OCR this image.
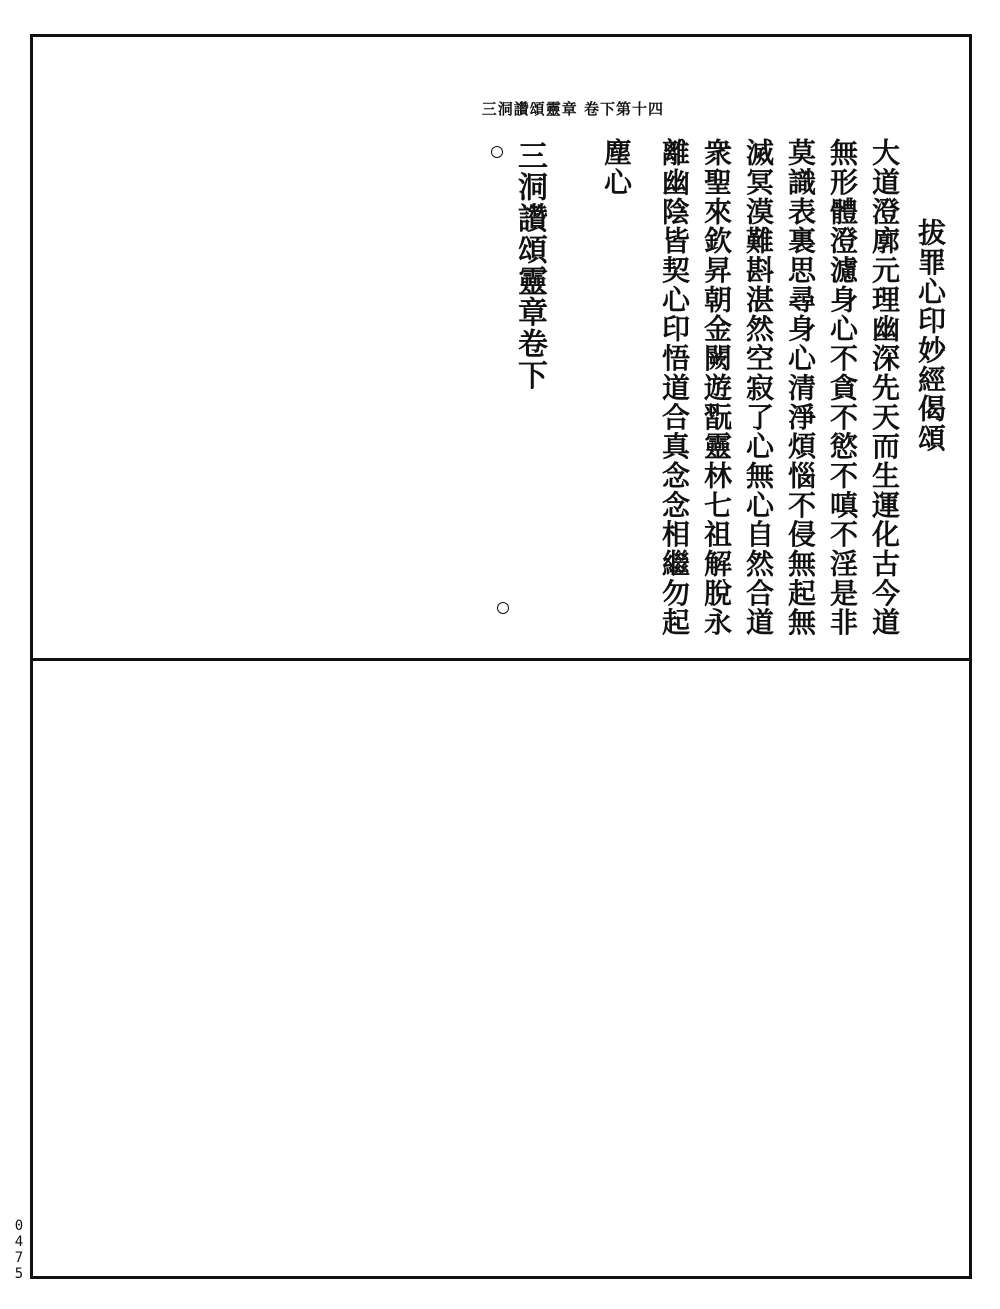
三洞讚頌靈章 卷下第十四
拔罪心印妙經偈頌
大道澄廓元理幽深先天而生運化古今道
無形體澄濾身心不貪不慾不嗔不淫是非
莫識表裏思尋身心清淨煩惱不侵無起無
滅冥漠難斟湛然空寂了心無心自然合道
衆聖來欽昇朝金闕遊翫靈林七祖解脫永
離幽陰皆契心印悟道合真念念相繼勿起
塵心
三洞讚頌靈章卷下
0
4
7
5
